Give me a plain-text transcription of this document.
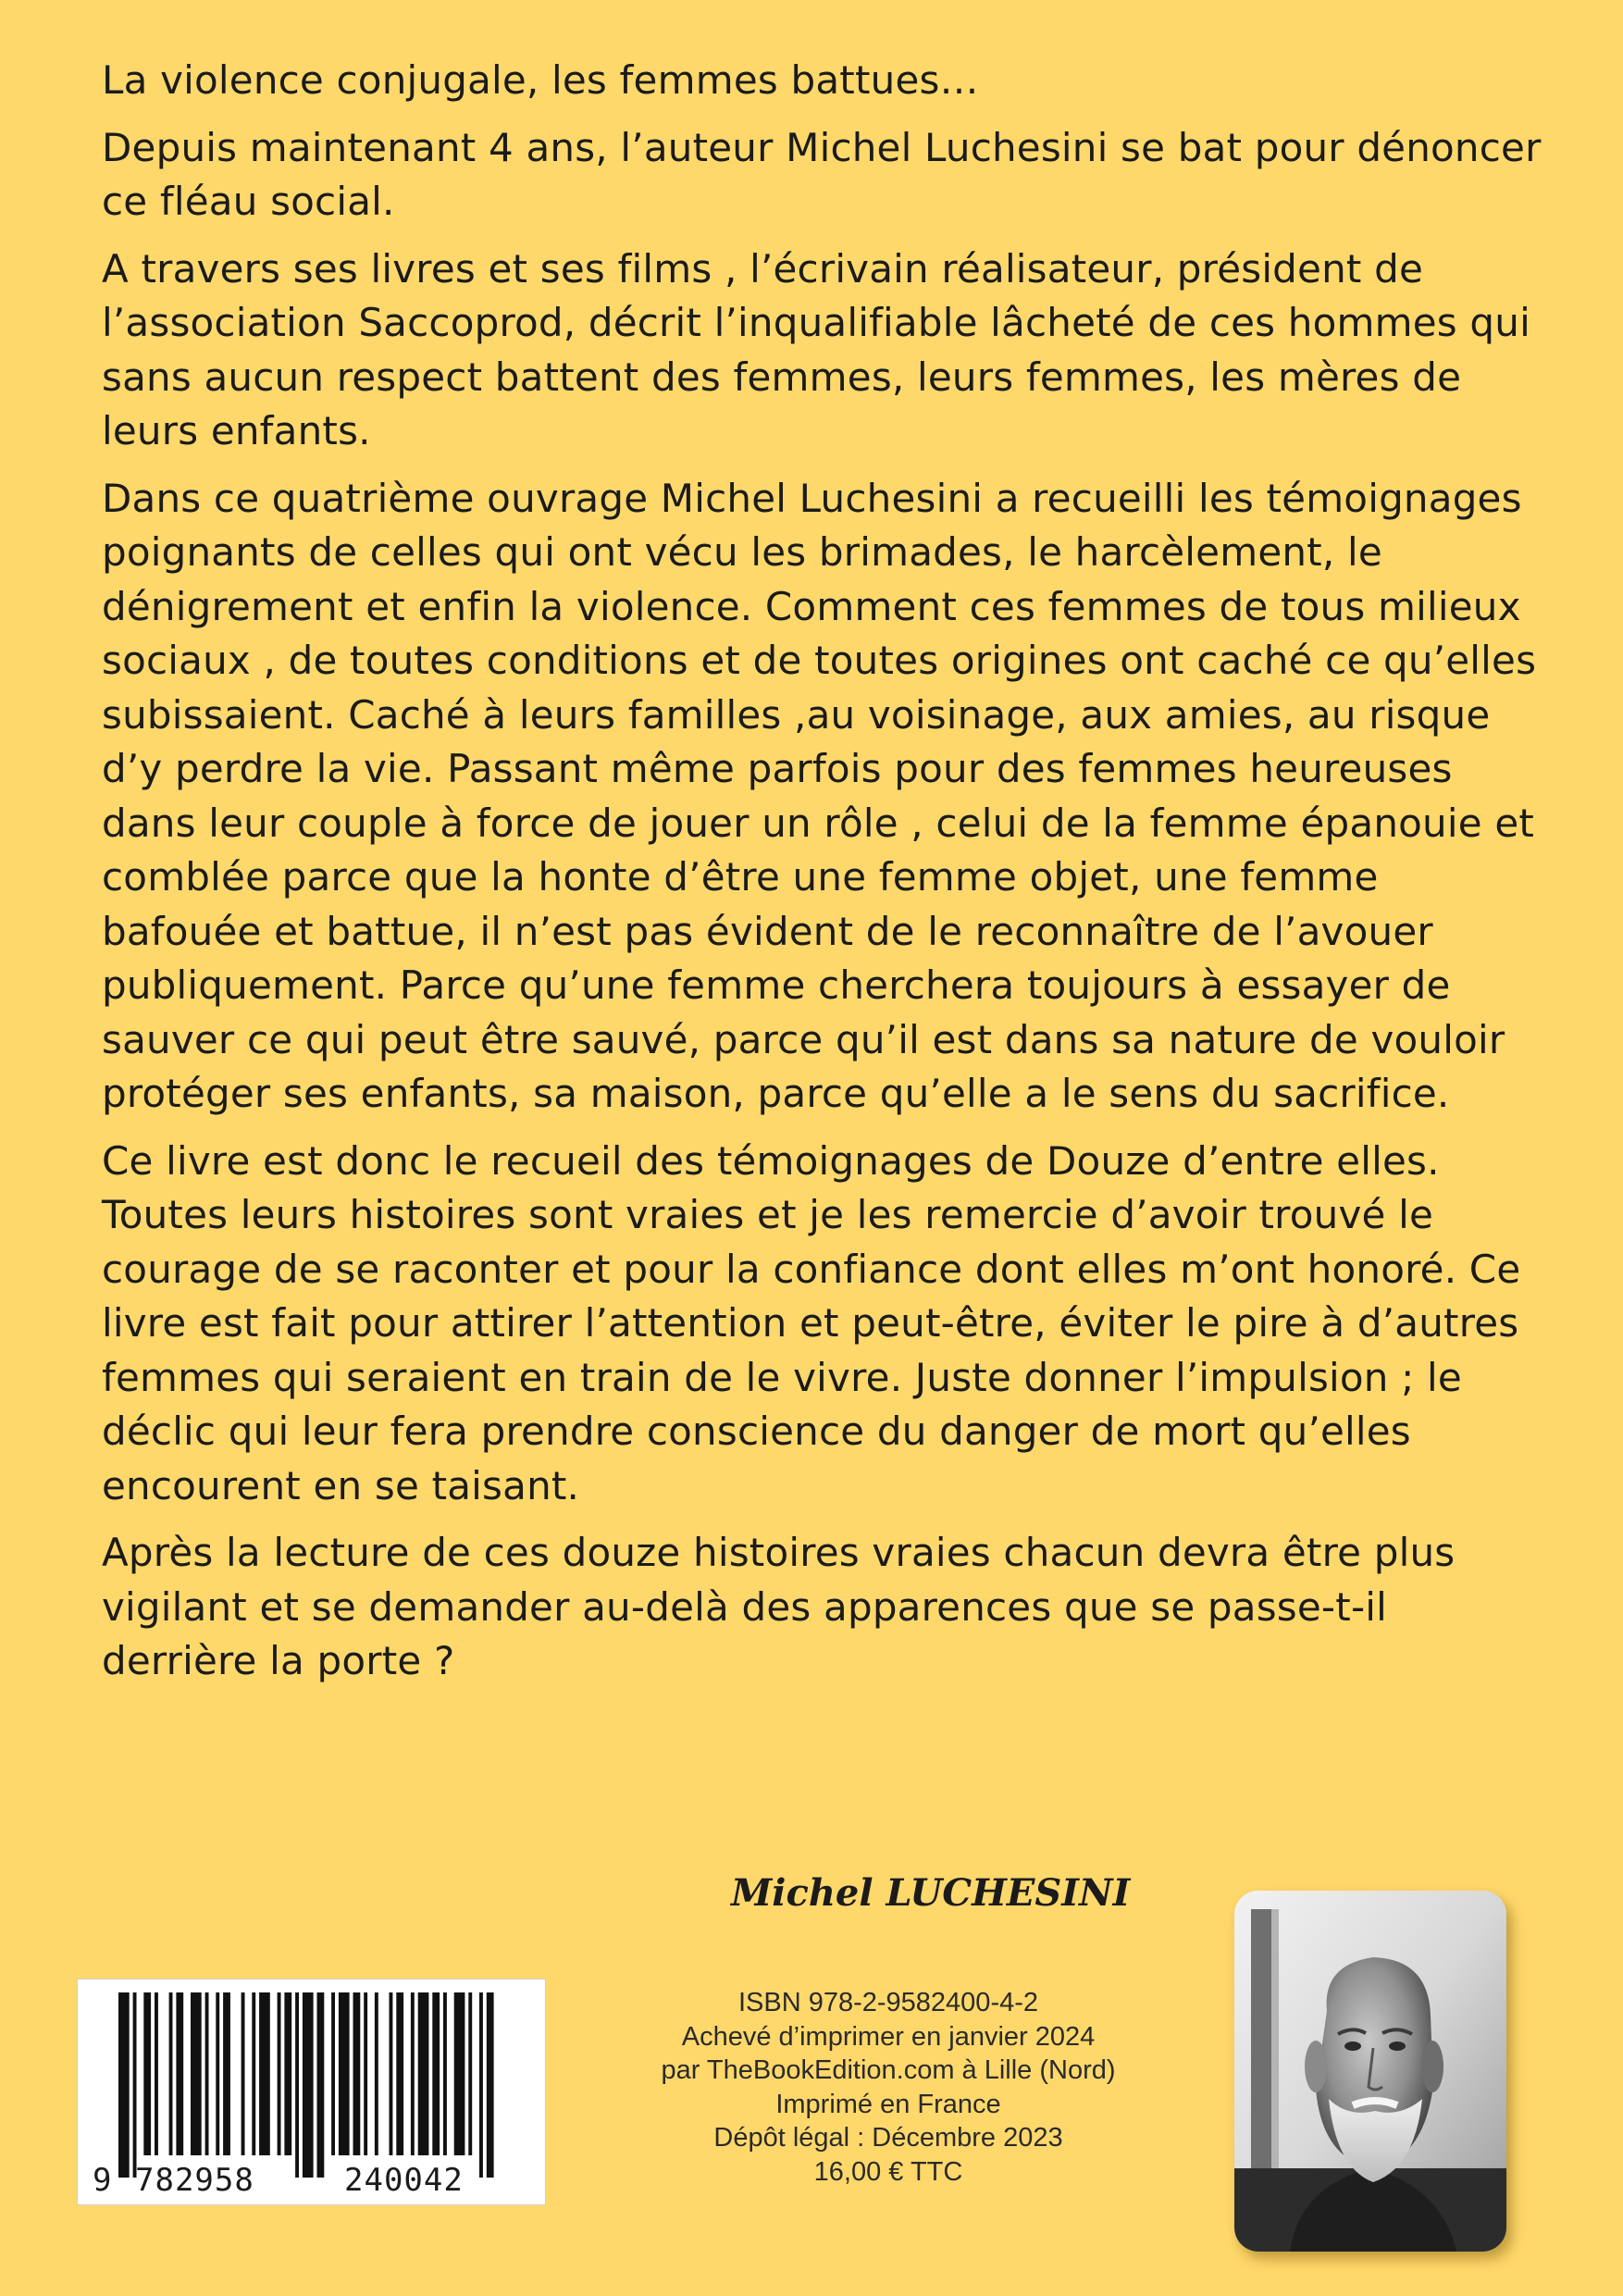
La violence conjugale, les femmes battues…

Depuis maintenant 4 ans, l’auteur Michel Luchesini se bat pour dénoncer ce fléau social.

A travers ses livres et ses films , l’écrivain réalisateur, président de l’association Saccoprod, décrit l’inqualifiable lâcheté de ces hommes qui sans aucun respect battent des femmes, leurs femmes, les mères de leurs enfants.

Dans ce quatrième ouvrage Michel Luchesini a recueilli les témoignages poignants de celles qui ont vécu les brimades, le harcèlement, le dénigrement et enfin la violence. Comment ces femmes de tous milieux sociaux , de toutes conditions et de toutes origines ont caché ce qu’elles subissaient. Caché à leurs familles ,au voisinage, aux amies, au risque d’y perdre la vie. Passant même parfois pour des femmes heureuses dans leur couple à force de jouer un rôle , celui de la femme épanouie et comblée parce que la honte d’être une femme objet, une femme bafouée et battue, il n’est pas évident de le reconnaître de l’avouer publiquement. Parce qu’une femme cherchera toujours à essayer de sauver ce qui peut être sauvé, parce qu’il est dans sa nature de vouloir protéger ses enfants, sa maison, parce qu’elle a le sens du sacrifice.

Ce livre est donc le recueil des témoignages de Douze d’entre elles. Toutes leurs histoires sont vraies et je les remercie d’avoir trouvé le courage de se raconter et pour la confiance dont elles m’ont honoré. Ce livre est fait pour attirer l’attention et peut-être, éviter le pire à d’autres femmes qui seraient en train de le vivre. Juste donner l’impulsion ; le déclic qui leur fera prendre conscience du danger de mort qu’elles encourent en se taisant.

Après la lecture de ces douze histoires vraies chacun devra être plus vigilant et se demander au-delà des apparences que se passe-t-il derrière la porte ?

Michel LUCHESINI
9 782958	240042
ISBN 978-2-9582400-4-2
Achevé d’imprimer en janvier 2024
par TheBookEdition.com à Lille (Nord)
Imprimé en France
Dépôt légal : Décembre 2023
16,00 € TTC
